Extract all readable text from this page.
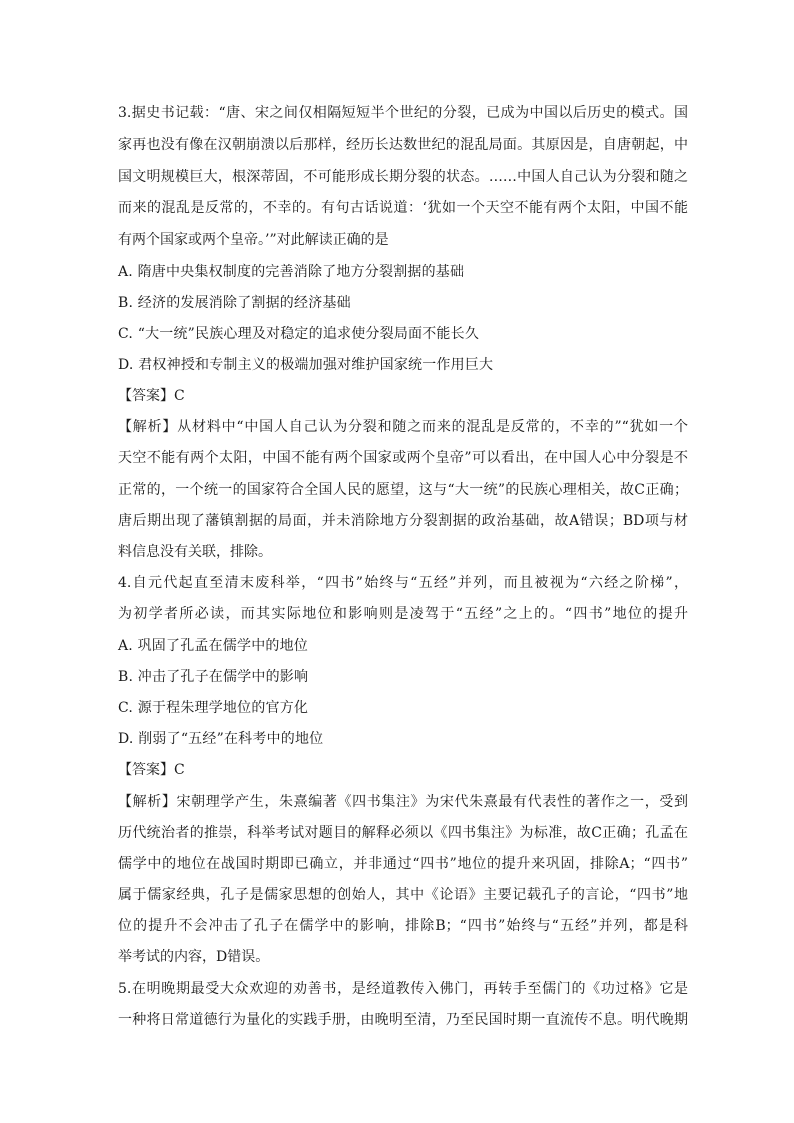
3.据史书记载：“唐、宋之间仅相隔短短半个世纪的分裂，已成为中国以后历史的模式。国
家再也没有像在汉朝崩溃以后那样，经历长达数世纪的混乱局面。其原因是，自唐朝起，中
国文明规模巨大，根深蒂固，不可能形成长期分裂的状态。……中国人自己认为分裂和随之
而来的混乱是反常的，不幸的。有句古话说道：‘犹如一个天空不能有两个太阳，中国不能
有两个国家或两个皇帝。’”对此解读正确的是
A. 隋唐中央集权制度的完善消除了地方分裂割据的基础
B. 经济的发展消除了割据的经济基础
C. “大一统”民族心理及对稳定的追求使分裂局面不能长久
D. 君权神授和专制主义的极端加强对维护国家统一作用巨大
【答案】C
【解析】从材料中“中国人自己认为分裂和随之而来的混乱是反常的，不幸的”“犹如一个
天空不能有两个太阳，中国不能有两个国家或两个皇帝”可以看出，在中国人心中分裂是不
正常的，一个统一的国家符合全国人民的愿望，这与“大一统”的民族心理相关，故C正确；
唐后期出现了藩镇割据的局面，并未消除地方分裂割据的政治基础，故A错误；BD项与材
料信息没有关联，排除。
4.自元代起直至清末废科举，“四书”始终与“五经”并列，而且被视为“六经之阶梯”，
为初学者所必读，而其实际地位和影响则是凌驾于“五经”之上的。“四书”地位的提升
A. 巩固了孔孟在儒学中的地位
B. 冲击了孔子在儒学中的影响
C. 源于程朱理学地位的官方化
D. 削弱了“五经”在科考中的地位
【答案】C
【解析】宋朝理学产生，朱熹编著《四书集注》为宋代朱熹最有代表性的著作之一，受到
历代统治者的推崇，科举考试对题目的解释必须以《四书集注》为标准，故C正确；孔孟在
儒学中的地位在战国时期即已确立，并非通过“四书”地位的提升来巩固，排除A；“四书”
属于儒家经典，孔子是儒家思想的创始人，其中《论语》主要记载孔子的言论，“四书”地
位的提升不会冲击了孔子在儒学中的影响，排除B；“四书”始终与“五经”并列，都是科
举考试的内容，D错误。
5.在明晚期最受大众欢迎的劝善书，是经道教传入佛门，再转手至儒门的《功过格》它是
一种将日常道德行为量化的实践手册，由晚明至清，乃至民国时期一直流传不息。明代晚期
